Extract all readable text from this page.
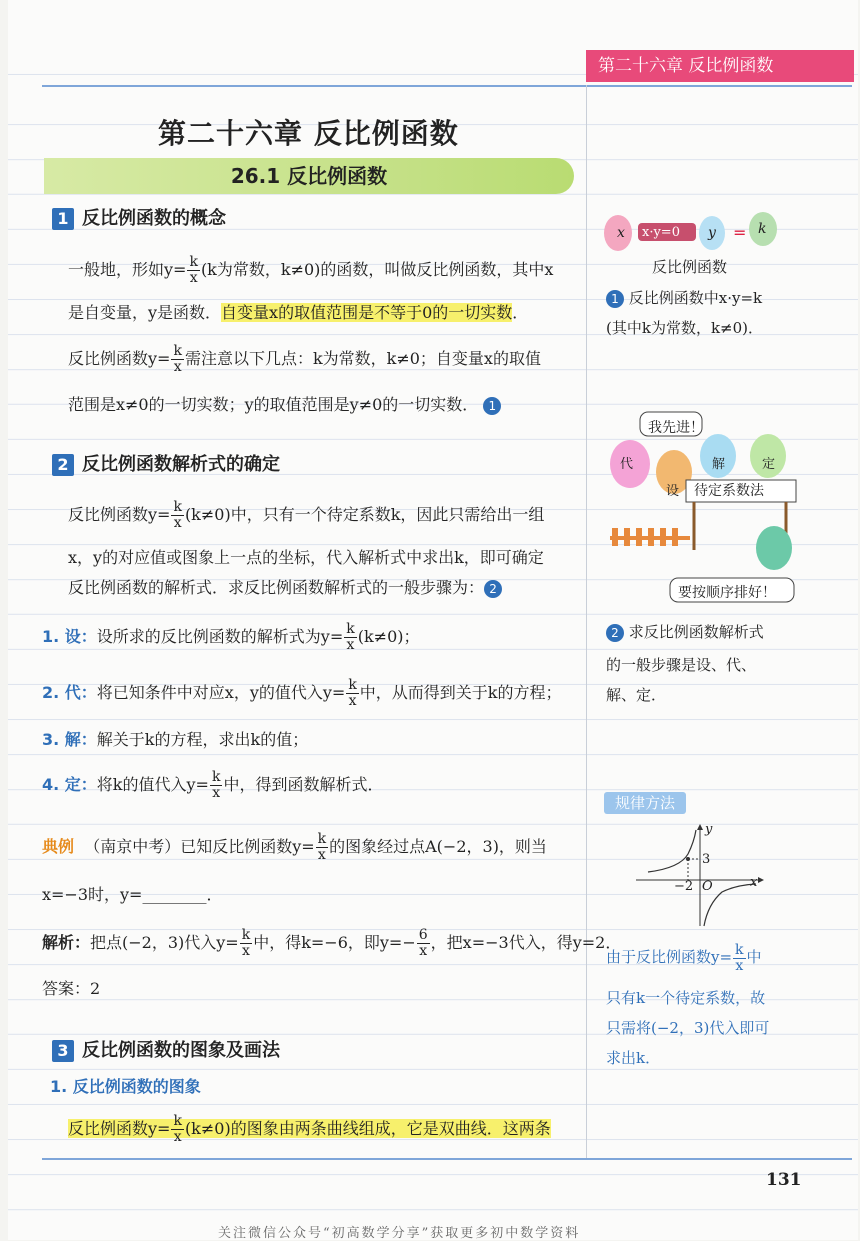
第二十六章 反比例函数
第二十六章 反比例函数
26.1 反比例函数
1 反比例函数的概念
一般地，形如$y= \frac{k}{x} (k$为常数，k≠0)的函数，叫做反比例函数，其中x
是自变量，y是函数．自变量x的取值范围是不等于0的一切实数．
反比例函数$y= \frac{k}{x}$ 需注意以下几点：k为常数，k≠0；自变量x的取值
范围是x≠0的一切实数；y的取值范围是y≠0的一切实数． 1
2 反比例函数解析式的确定
反比例函数$y= \frac{k}{x} (k\ne 0)$中，只有一个待定系数k，因此只需给出一组
x，y的对应值或图象上一点的坐标，代入解析式中求出k，即可确定
反比例函数的解析式．求反比例函数解析式的一般步骤为： 2
1. 设：设所求的反比例函数的解析式为$y= \frac{k}{x} (k\ne 0)$；
2. 代：将已知条件中对应x，y的值代入$y= \frac{k}{x}$ 中，从而得到关于k的方程；
3. 解：解关于k的方程，求出k的值；
4. 定：将k的值代入$y= \frac{k}{x}$ 中，得到函数解析式．
典例 （南京中考）已知反比例函数$y= \frac{k}{x}$ 的图象经过点A(−2，3)，则当
x=−3时，y=________．
解析：把点(−2，3)代入$y= \frac{k}{x}$ 中，得k=−6，即$y=- \frac{6}{x}$ ，把x=−3代入，得y=2．
答案：2
3 反比例函数的图象及画法
1. 反比例函数的图象
反比例函数$y= \frac{k}{x} (k\ne 0)$的图象由两条曲线组成，它是双曲线．这两条
=
x x·y=0 y	k
反比例函数
1 反比例函数中x·y=k
(其中k为常数，k≠0)．
我先进！
代
设
解	定
待定系数法
要按顺序排好！
2 求反比例函数解析式
的一般步骤是设、代、
解、定．
规律方法
y
x
3
−2 O
由于反比例函数$y= \frac{k}{x}$ 中
只有k一个待定系数，故
只需将(−2，3)代入即可
求出k．
131
关注微信公众号“初高数学分享”获取更多初中数学资料
